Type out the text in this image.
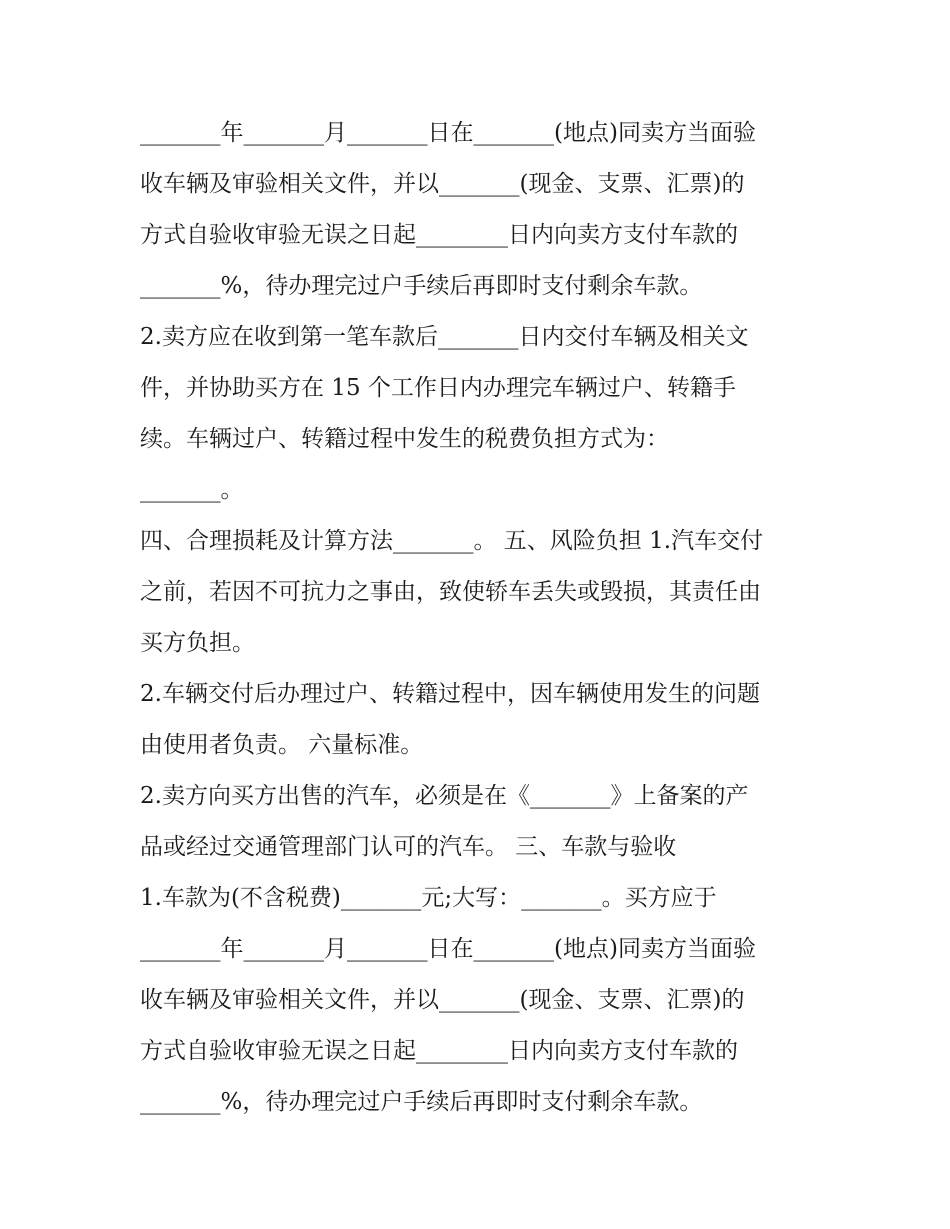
_______年_______月_______日在_______(地点)同卖方当面验
收车辆及审验相关文件，并以_______(现金、支票、汇票)的
方式自验收审验无误之日起________日内向卖方支付车款的
_______%，待办理完过户手续后再即时支付剩余车款。
2.卖方应在收到第一笔车款后_______日内交付车辆及相关文
件，并协助买方在 15 个工作日内办理完车辆过户、转籍手
续。车辆过户、转籍过程中发生的税费负担方式为：
_______。
四、合理损耗及计算方法_______。 五、风险负担 1.汽车交付
之前，若因不可抗力之事由，致使轿车丢失或毁损，其责任由
买方负担。
2.车辆交付后办理过户、转籍过程中，因车辆使用发生的问题
由使用者负责。 六量标准。
2.卖方向买方出售的汽车，必须是在《_______》上备案的产
品或经过交通管理部门认可的汽车。 三、车款与验收
1.车款为(不含税费)_______元;大写：_______。买方应于
_______年_______月_______日在_______(地点)同卖方当面验
收车辆及审验相关文件，并以_______(现金、支票、汇票)的
方式自验收审验无误之日起________日内向卖方支付车款的
_______%，待办理完过户手续后再即时支付剩余车款。
